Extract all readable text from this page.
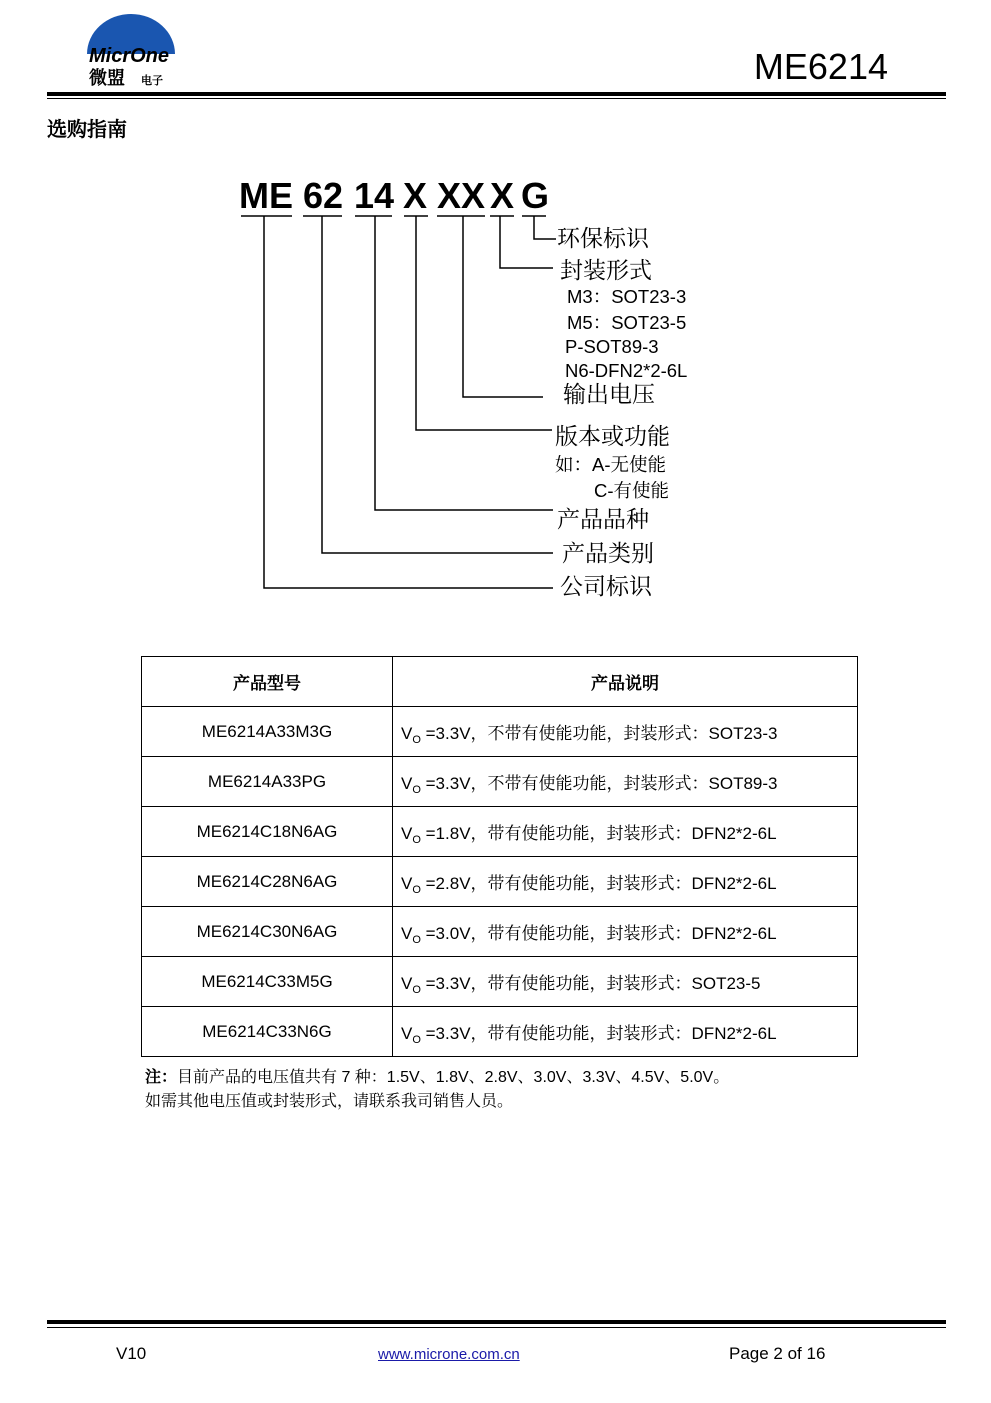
MicrOne
微盟 电子	ME6214
选购指南
ME 62 14 X XX X G
环保标识
封装形式
输出电压
版本或功能
产品品种
产品类别
公司标识
M3：SOT23-3
M5：SOT23-5
P-SOT89-3
N6-DFN2*2-6L
如：A-无使能
C-有使能
产品型号	产品说明
ME6214A33M3G	$V_O =3.3V$，不带有使能功能，封装形式：SOT23-3
ME6214A33PG	$V_O =3.3V$，不带有使能功能，封装形式：SOT89-3
ME6214C18N6AG	$V_O =1.8V$，带有使能功能，封装形式：DFN2*2-6L
ME6214C28N6AG	$V_O =2.8V$，带有使能功能，封装形式：DFN2*2-6L
ME6214C30N6AG	$V_O =3.0V$，带有使能功能，封装形式：DFN2*2-6L
ME6214C33M5G	$V_O =3.3V$，带有使能功能，封装形式：SOT23-5
ME6214C33N6G	$V_O =3.3V$，带有使能功能，封装形式：DFN2*2-6L
注：目前产品的电压值共有 7 种：1.5V、1.8V、2.8V、3.0V、3.3V、4.5V、5.0V。
如需其他电压值或封装形式，请联系我司销售人员。
V10	www.microne.com.cn	Page 2 of 16
